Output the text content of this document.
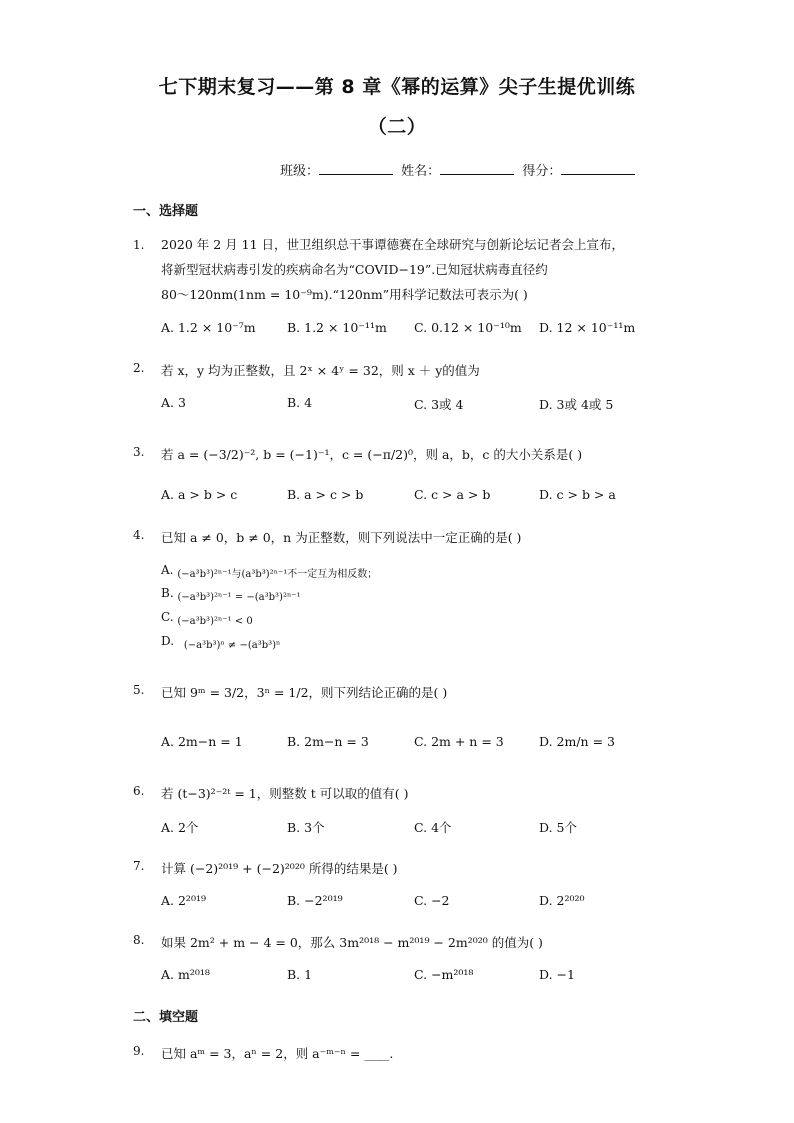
七下期末复习——第 8 章《幂的运算》尖子生提优训练
（二）
班级：	姓名：	得分：
一、选择题
1. 2020 年 2 月 11 日，世卫组织总干事谭德赛在全球研究与创新论坛记者会上宣布，
将新型冠状病毒引发的疾病命名为“COVID−19”.已知冠状病毒直径约
80～120nm(1nm = 10⁻⁹m).“120nm”用科学记数法可表示为( )
A. 1.2 × 10⁻⁷m	B. 1.2 × 10⁻¹¹m C. 0.12 × 10⁻¹⁰m D. 12 × 10⁻¹¹m
2. 若 x，y 均为正整数，且 2ˣ × 4ʸ = 32，则 x ＋ y的值为
A. 3	B. 4	C. 3或 4	D. 3或 4或 5
3. 若 a = (−3/2)⁻², b = (−1)⁻¹，c = (−π/2)⁰，则 a，b，c 的大小关系是( )
A. a > b > c	B. a > c > b	C. c > a > b	D. c > b > a
4. 已知 a ≠ 0，b ≠ 0，n 为正整数，则下列说法中一定正确的是( )
A. $_{(-a^3b^3)^{2n-1}与(a^3b^3)^{2n-1}不一定互为相反数;}$
B. $_{(-a^3b^3)^{2n-1} = -(a^3b^3)^{2n-1}}$
C. $_{(-a^3b^3)^{2n-1} < 0}$
D. $_{(-a^3b^3)^n \ne -(a^3b^3)^n}$
5. 已知 9ᵐ = 3/2，3ⁿ = 1/2，则下列结论正确的是( )
A. 2m−n = 1	B. 2m−n = 3	C. 2m + n = 3	D. 2m/n = 3
6. 若 (t−3)²⁻²ᵗ = 1，则整数 t 可以取的值有( )
A. 2个	B. 3个	C. 4个	D. 5个
7. 计算 (−2)²⁰¹⁹ + (−2)²⁰²⁰ 所得的结果是( )
A. 2²⁰¹⁹	B. −2²⁰¹⁹	C. −2	D. 2²⁰²⁰
8. 如果 2m² + m − 4 = 0，那么 3m²⁰¹⁸ − m²⁰¹⁹ − 2m²⁰²⁰ 的值为( )
A. m²⁰¹⁸	B. 1	C. −m²⁰¹⁸	D. −1
二、填空题
9. 已知 aᵐ = 3，aⁿ = 2，则 a⁻ᵐ⁻ⁿ = ____.
